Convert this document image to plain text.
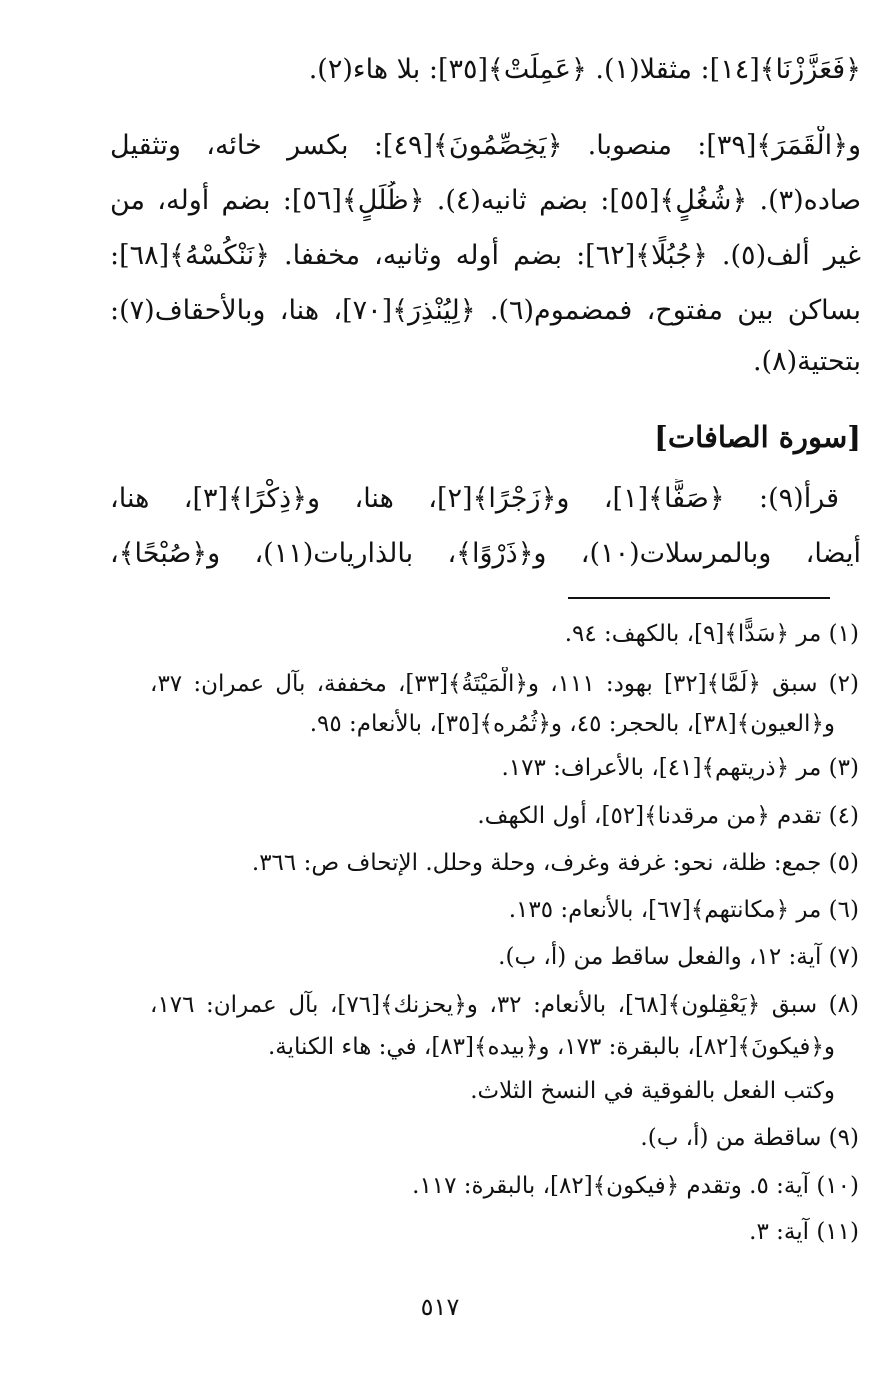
﴿فَعَزَّزْنَا﴾[١٤]: مثقلا(١). ﴿عَمِلَتْ﴾[٣٥]: بلا هاء(٢).
و﴿الْقَمَرَ﴾[٣٩]: منصوبا. ﴿يَخِصِّمُونَ﴾[٤٩]: بكسر خائه، وتثقيل
صاده(٣). ﴿شُغُلٍ﴾[٥٥]: بضم ثانيه(٤). ﴿ظُلَلٍ﴾[٥٦]: بضم أوله، من
غير ألف(٥). ﴿جُبُلًا﴾[٦٢]: بضم أوله وثانيه، مخففا. ﴿نَنْكُسْهُ﴾[٦٨]:
بساكن بين مفتوح، فمضموم(٦). ﴿لِيُنْذِرَ﴾[٧٠]، هنا، وبالأحقاف(٧):
بتحتية(٨).
[سورة الصافات]
قرأ(٩): ﴿صَفًّا﴾[١]، و﴿زَجْرًا﴾[٢]، هنا، و﴿ذِكْرًا﴾[٣]، هنا،
أيضا، وبالمرسلات(١٠)، و﴿ذَرْوًا﴾، بالذاريات(١١)، و﴿صُبْحًا﴾،
(١) مر ﴿سَدًّا﴾[٩]، بالكهف: ٩٤.
(٢) سبق ﴿لَمَّا﴾[٣٢] بهود: ١١١، و﴿الْمَيْتَةُ﴾[٣٣]، مخففة، بآل عمران: ٣٧،
و﴿العيون﴾[٣٨]، بالحجر: ٤٥، و﴿ثُمُره﴾[٣٥]، بالأنعام: ٩٥.
(٣) مر ﴿ذريتهم﴾[٤١]، بالأعراف: ١٧٣.
(٤) تقدم ﴿من مرقدنا﴾[٥٢]، أول الكهف.
(٥) جمع: ظلة، نحو: غرفة وغرف، وحلة وحلل. الإتحاف ص: ٣٦٦.
(٦) مر ﴿مكانتهم﴾[٦٧]، بالأنعام: ١٣٥.
(٧) آية: ١٢، والفعل ساقط من (أ، ب).
(٨) سبق ﴿يَعْقِلون﴾[٦٨]، بالأنعام: ٣٢، و﴿يحزنك﴾[٧٦]، بآل عمران: ١٧٦،
و﴿فيكونَ﴾[٨٢]، بالبقرة: ١٧٣، و﴿بيده﴾[٨٣]، في: هاء الكناية.
وكتب الفعل بالفوقية في النسخ الثلاث.
(٩) ساقطة من (أ، ب).
(١٠) آية: ٥. وتقدم ﴿فيكون﴾[٨٢]، بالبقرة: ١١٧.
(١١) آية: ٣.
٥١٧
